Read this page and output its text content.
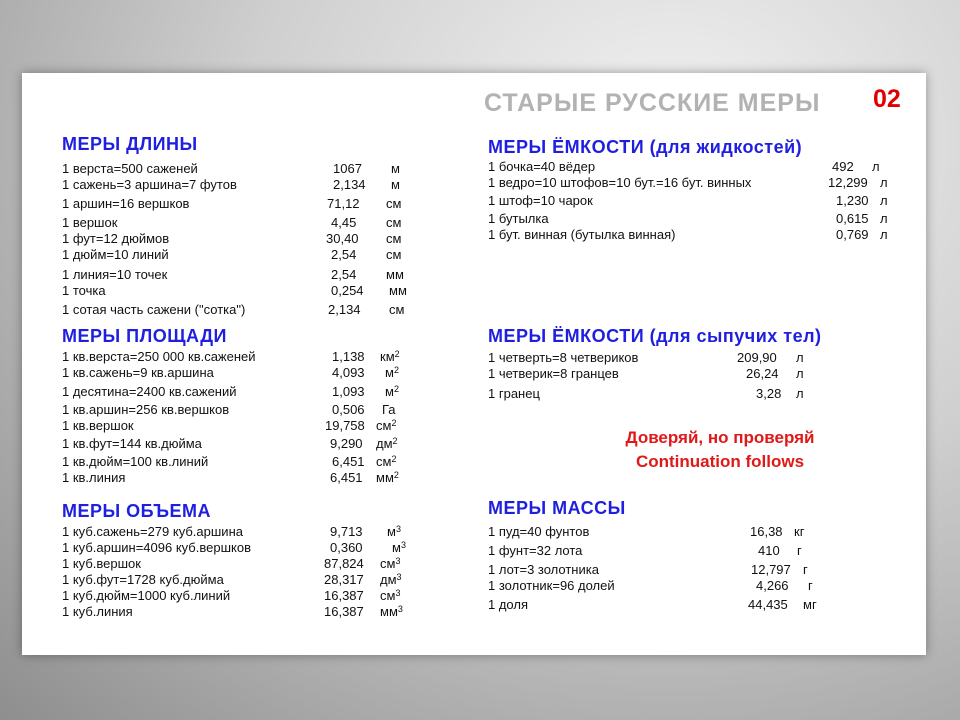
СТАРЫЕ РУССКИЕ МЕРЫ 02
МЕРЫ ДЛИНЫ
1 верста=500 саженей	1067 м
1 сажень=3 аршина=7 футов	2,134 м
1 аршин=16 вершков	71,12 см
1 вершок	4,45 см
1 фут=12 дюймов	30,40 см
1 дюйм=10 линий	2,54 см
1 линия=10 точек	2,54 мм
1 точка	0,254 мм
1 сотая часть сажени ("сотка")	2,134 см
МЕРЫ ПЛОЩАДИ
1 кв.верста=250 000 кв.саженей	1,138 $км^2$
1 кв.сажень=9 кв.аршина	4,093 $м^2$
1 десятина=2400 кв.сажений	1,093 $м^2$
1 кв.аршин=256 кв.вершков	0,506 Га
1 кв.вершок	19,758 $см^2$
1 кв.фут=144 кв.дюйма	9,290 $дм^2$
1 кв.дюйм=100 кв.линий	6,451 $см^2$
1 кв.линия	6,451 $мм^2$
МЕРЫ ОБЪЕМА
1 куб.сажень=279 куб.аршина	9,713 $м^3$
1 куб.аршин=4096 куб.вершков	0,360 $м^3$
1 куб.вершок	87,824 $см^3$
1 куб.фут=1728 куб.дюйма	28,317 $дм^3$
1 куб.дюйм=1000 куб.линий	16,387 $см^3$
1 куб.линия	16,387 $мм^3$
МЕРЫ ЁМКОСТИ (для жидкостей)
1 бочка=40 вёдер	492 л
1 ведро=10 штофов=10 бут.=16 бут. винных	12,299 л
1 штоф=10 чарок	1,230 л
1 бутылка	0,615 л
1 бут. винная (бутылка винная)	0,769 л
МЕРЫ ЁМКОСТИ (для сыпучих тел)
1 четверть=8 четвериков	209,90 л
1 четверик=8 гранцев	26,24 л
1 гранец	3,28 л
Доверяй, но проверяй
Continuation follows
МЕРЫ МАССЫ
1 пуд=40 фунтов	16,38 кг
1 фунт=32 лота	410 г
1 лот=3 золотника	12,797 г
1 золотник=96 долей	4,266 г
1 доля	44,435 мг
